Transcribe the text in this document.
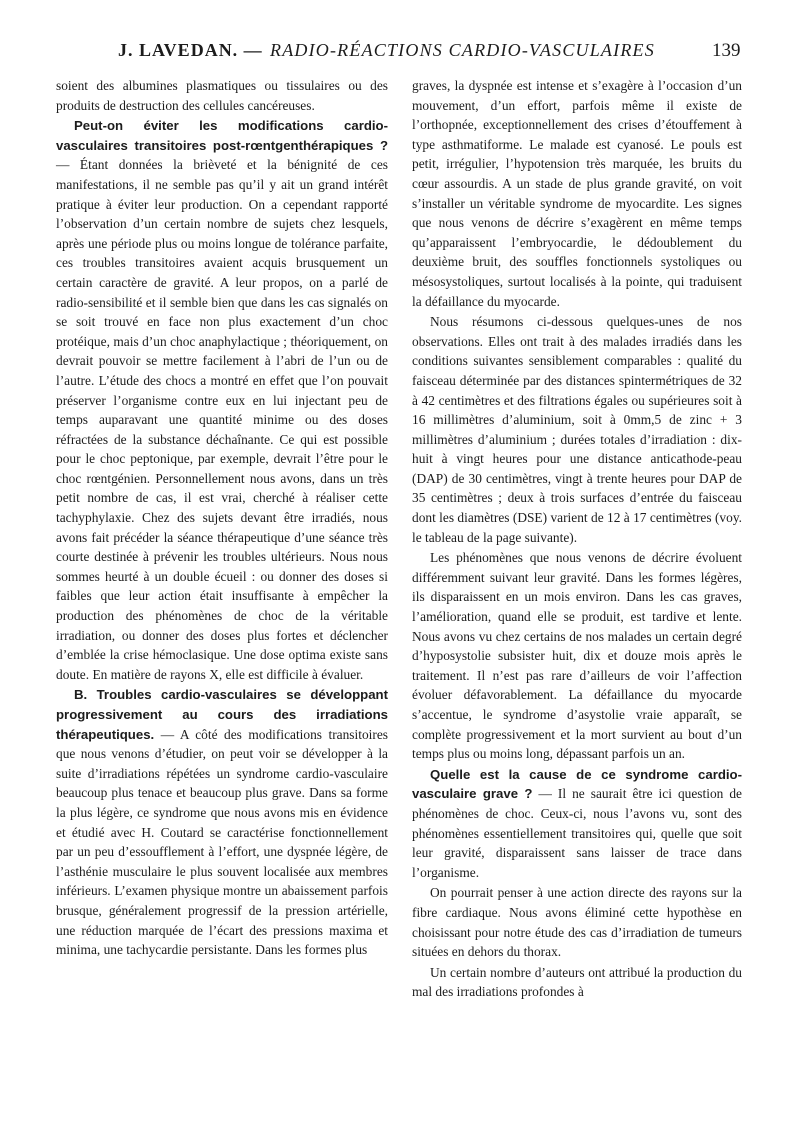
J. LAVEDAN. — RADIO-RÉACTIONS CARDIO-VASCULAIRES	139

soient des albumines plasmatiques ou tissulaires ou des produits de destruction des cellules cancéreuses.

Peut-on éviter les modifications cardio-vasculaires transitoires post-rœntgenthérapiques ? — Étant données la brièveté et la bénignité de ces manifestations, il ne semble pas qu’il y ait un grand intérêt pratique à éviter leur production. On a cependant rapporté l’observation d’un certain nombre de sujets chez lesquels, après une période plus ou moins longue de tolérance parfaite, ces troubles transitoires avaient acquis brusquement un certain caractère de gravité. A leur propos, on a parlé de radio-sensibilité et il semble bien que dans les cas signalés on se soit trouvé en face non plus exactement d’un choc protéique, mais d’un choc anaphylactique ; théoriquement, on devrait pouvoir se mettre facilement à l’abri de l’un ou de l’autre. L’étude des chocs a montré en effet que l’on pouvait préserver l’organisme contre eux en lui injectant peu de temps auparavant une quantité minime ou des doses réfractées de la substance déchaînante. Ce qui est possible pour le choc peptonique, par exemple, devrait l’être pour le choc rœntgénien. Personnellement nous avons, dans un très petit nombre de cas, il est vrai, cherché à réaliser cette tachyphylaxie. Chez des sujets devant être irradiés, nous avons fait précéder la séance thérapeutique d’une séance très courte destinée à prévenir les troubles ultérieurs. Nous nous sommes heurté à un double écueil : ou donner des doses si faibles que leur action était insuffisante à empêcher la production des phénomènes de choc de la véritable irradiation, ou donner des doses plus fortes et déclencher d’emblée la crise hémoclasique. Une dose optima existe sans doute. En matière de rayons X, elle est difficile à évaluer.

B. Troubles cardio-vasculaires se développant progressivement au cours des irradiations thérapeutiques. — A côté des modifications transitoires que nous venons d’étudier, on peut voir se développer à la suite d’irradiations répétées un syndrome cardio-vasculaire beaucoup plus tenace et beaucoup plus grave. Dans sa forme la plus légère, ce syndrome que nous avons mis en évidence et étudié avec H. Coutard se caractérise fonctionnellement par un peu d’essoufflement à l’effort, une dyspnée légère, de l’asthénie musculaire le plus souvent localisée aux membres inférieurs. L’examen physique montre un abaissement parfois brusque, généralement progressif de la pression artérielle, une réduction marquée de l’écart des pressions maxima et minima, une tachycardie persistante. Dans les formes plus

graves, la dyspnée est intense et s’exagère à l’occasion d’un mouvement, d’un effort, parfois même il existe de l’orthopnée, exceptionnellement des crises d’étouffement à type asthmatiforme. Le malade est cyanosé. Le pouls est petit, irrégulier, l’hypotension très marquée, les bruits du cœur assourdis. A un stade de plus grande gravité, on voit s’installer un véritable syndrome de myocardite. Les signes que nous venons de décrire s’exagèrent en même temps qu’apparaissent l’embryocardie, le dédoublement du deuxième bruit, des souffles fonctionnels systoliques ou mésosystoliques, surtout localisés à la pointe, qui traduisent la défaillance du myocarde.

Nous résumons ci-dessous quelques-unes de nos observations. Elles ont trait à des malades irradiés dans les conditions suivantes sensiblement comparables : qualité du faisceau déterminée par des distances spintermétriques de 32 à 42 centimètres et des filtrations égales ou supérieures soit à 16 millimètres d’aluminium, soit à 0mm,5 de zinc + 3 millimètres d’aluminium ; durées totales d’irradiation : dix-huit à vingt heures pour une distance anticathode-peau (DAP) de 30 centimètres, vingt à trente heures pour DAP de 35 centimètres ; deux à trois surfaces d’entrée du faisceau dont les diamètres (DSE) varient de 12 à 17 centimètres (voy. le tableau de la page suivante).

Les phénomènes que nous venons de décrire évoluent différemment suivant leur gravité. Dans les formes légères, ils disparaissent en un mois environ. Dans les cas graves, l’amélioration, quand elle se produit, est tardive et lente. Nous avons vu chez certains de nos malades un certain degré d’hyposystolie subsister huit, dix et douze mois après le traitement. Il n’est pas rare d’ailleurs de voir l’affection évoluer défavorablement. La défaillance du myocarde s’accentue, le syndrome d’asystolie vraie apparaît, se complète progressivement et la mort survient au bout d’un temps plus ou moins long, dépassant parfois un an.

Quelle est la cause de ce syndrome cardio-vasculaire grave ? — Il ne saurait être ici question de phénomènes de choc. Ceux-ci, nous l’avons vu, sont des phénomènes essentiellement transitoires qui, quelle que soit leur gravité, disparaissent sans laisser de trace dans l’organisme.

On pourrait penser à une action directe des rayons sur la fibre cardiaque. Nous avons éliminé cette hypothèse en choisissant pour notre étude des cas d’irradiation de tumeurs situées en dehors du thorax.

Un certain nombre d’auteurs ont attribué la production du mal des irradiations profondes à
